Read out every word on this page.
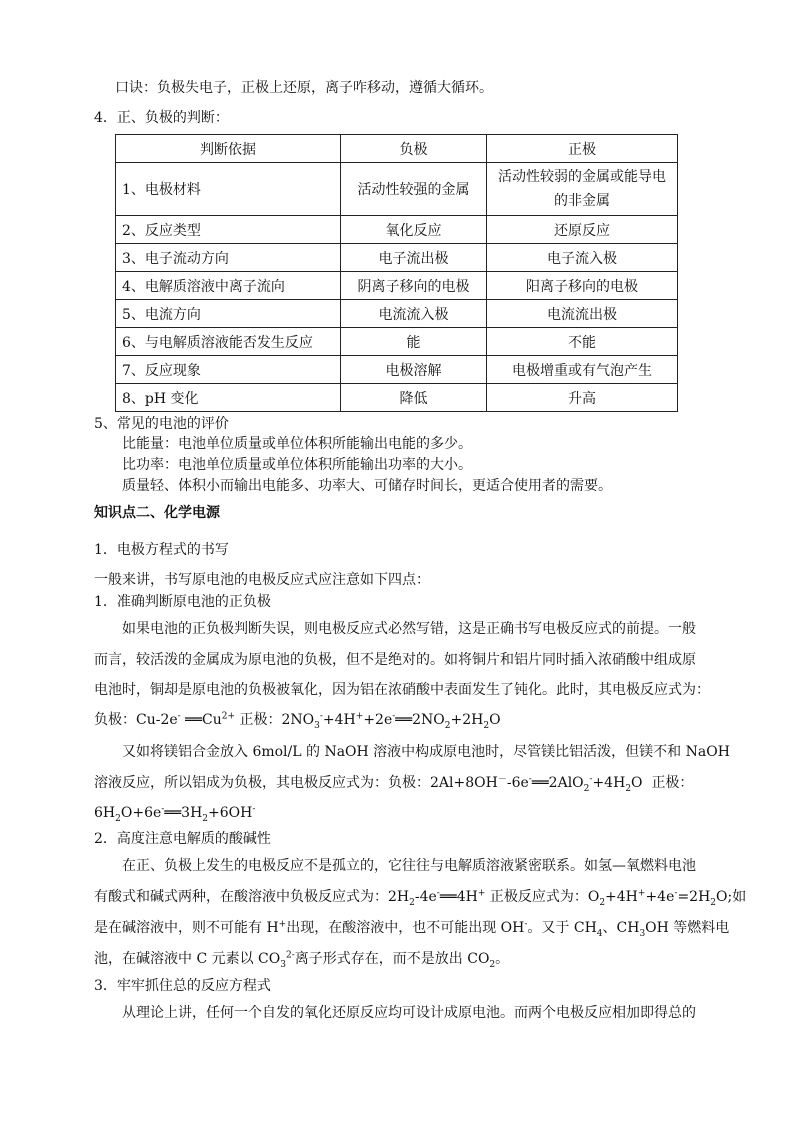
口诀：负极失电子，正极上还原，离子咋移动，遵循大循环。
4．正、负极的判断：
判断依据	负极	正极
1、电极材料	活动性较强的金属	活动性较弱的金属或能导电
的非金属

2、反应类型	氧化反应	还原反应
3、电子流动方向	电子流出极	电子流入极
4、电解质溶液中离子流向	阴离子移向的电极	阳离子移向的电极
5、电流方向	电流流入极	电流流出极
6、与电解质溶液能否发生反应	能	不能
7、反应现象	电极溶解	电极增重或有气泡产生
8、pH 变化	降低	升高
5、常见的电池的评价
比能量：电池单位质量或单位体积所能输出电能的多少。
比功率：电池单位质量或单位体积所能输出功率的大小。
质量轻、体积小而输出电能多、功率大、可储存时间长，更适合使用者的需要。
知识点二、化学电源
1．电极方程式的书写
一般来讲，书写原电池的电极反应式应注意如下四点：
1．准确判断原电池的正负极
如果电池的正负极判断失误，则电极反应式必然写错，这是正确书写电极反应式的前提。一般
而言，较活泼的金属成为原电池的负极，但不是绝对的。如将铜片和铝片同时插入浓硝酸中组成原
电池时，铜却是原电池的负极被氧化，因为铝在浓硝酸中表面发生了钝化。此时，其电极反应式为：
负极：Cu-2e- $══Cu^{2+}$ 正极：$2NO_3^-+4H^++2e^-══2NO_2+2H_2O$
又如将镁铝合金放入 6mol/L 的 NaOH 溶液中构成原电池时，尽管镁比铝活泼，但镁不和 NaOH
溶液反应，所以铝成为负极，其电极反应式为：负极：$2Al+8OH^--6e^-══2AlO_2^-+4H_2O$  正极：
$6H_2O+6e^-══3H_2+6OH^-$
2．高度注意电解质的酸碱性
在正、负极上发生的电极反应不是孤立的，它往往与电解质溶液紧密联系。如氢—氧燃料电池
有酸式和碱式两种，在酸溶液中负极反应式为：$2H_2-4e^-══4H^+$ 正极反应式为：$O_2+4H^++4e^-=2H_2O$;如
是在碱溶液中，则不可能有 H+出现，在酸溶液中，也不可能出现 OH-。又于 $CH_4$、$CH_3OH$ 等燃料电
池，在碱溶液中 C 元素以 $CO_3^{2-}$离子形式存在，而不是放出 $CO_2$。
3．牢牢抓住总的反应方程式
从理论上讲，任何一个自发的氧化还原反应均可设计成原电池。而两个电极反应相加即得总的
